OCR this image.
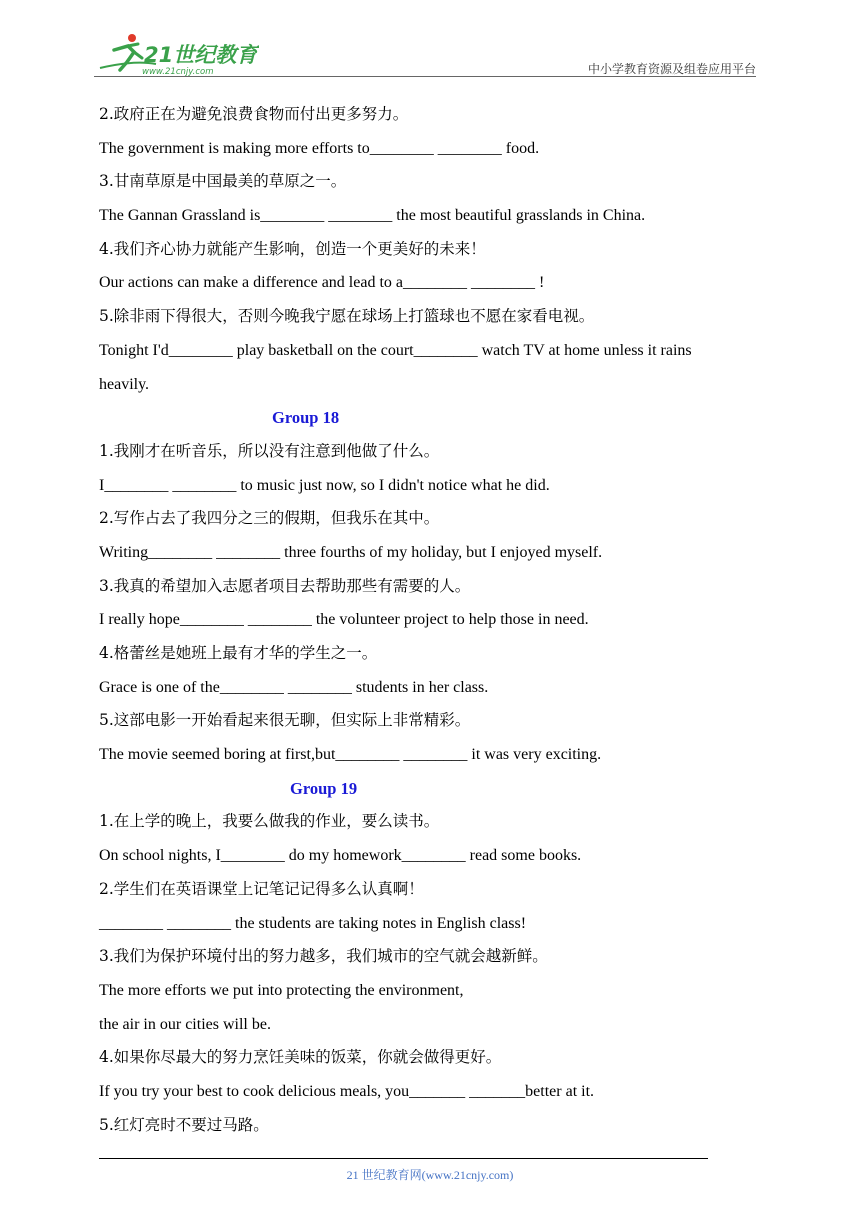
21世纪教育
www.21cnjy.com	中小学教育资源及组卷应用平台
2.政府正在为避免浪费食物而付出更多努力。
The government is making more efforts to________ ________ food.
3.甘南草原是中国最美的草原之一。
The Gannan Grassland is________ ________ the most beautiful grasslands in China.
4.我们齐心协力就能产生影响，创造一个更美好的未来！
Our actions can make a difference and lead to a________ ________ !
5.除非雨下得很大，否则今晚我宁愿在球场上打篮球也不愿在家看电视。
Tonight I'd________ play basketball on the court________ watch TV at home unless it rains
heavily.
Group 18
1.我刚才在听音乐，所以没有注意到他做了什么。
I________ ________ to music just now, so I didn't notice what he did.
2.写作占去了我四分之三的假期，但我乐在其中。
Writing________ ________ three fourths of my holiday, but I enjoyed myself.
3.我真的希望加入志愿者项目去帮助那些有需要的人。
I really hope________ ________ the volunteer project to help those in need.
4.格蕾丝是她班上最有才华的学生之一。
Grace is one of the________ ________ students in her class.
5.这部电影一开始看起来很无聊，但实际上非常精彩。
The movie seemed boring at first,but________ ________ it was very exciting.
Group 19
1.在上学的晚上，我要么做我的作业，要么读书。
On school nights, I________ do my homework________ read some books.
2.学生们在英语课堂上记笔记记得多么认真啊！
________ ________ the students are taking notes in English class!
3.我们为保护环境付出的努力越多，我们城市的空气就会越新鲜。
The more efforts we put into protecting the environment,
the air in our cities will be.
4.如果你尽最大的努力烹饪美味的饭菜，你就会做得更好。
If you try your best to cook delicious meals, you_______ _______better at it.
5.红灯亮时不要过马路。
21 世纪教育网(www.21cnjy.com)
